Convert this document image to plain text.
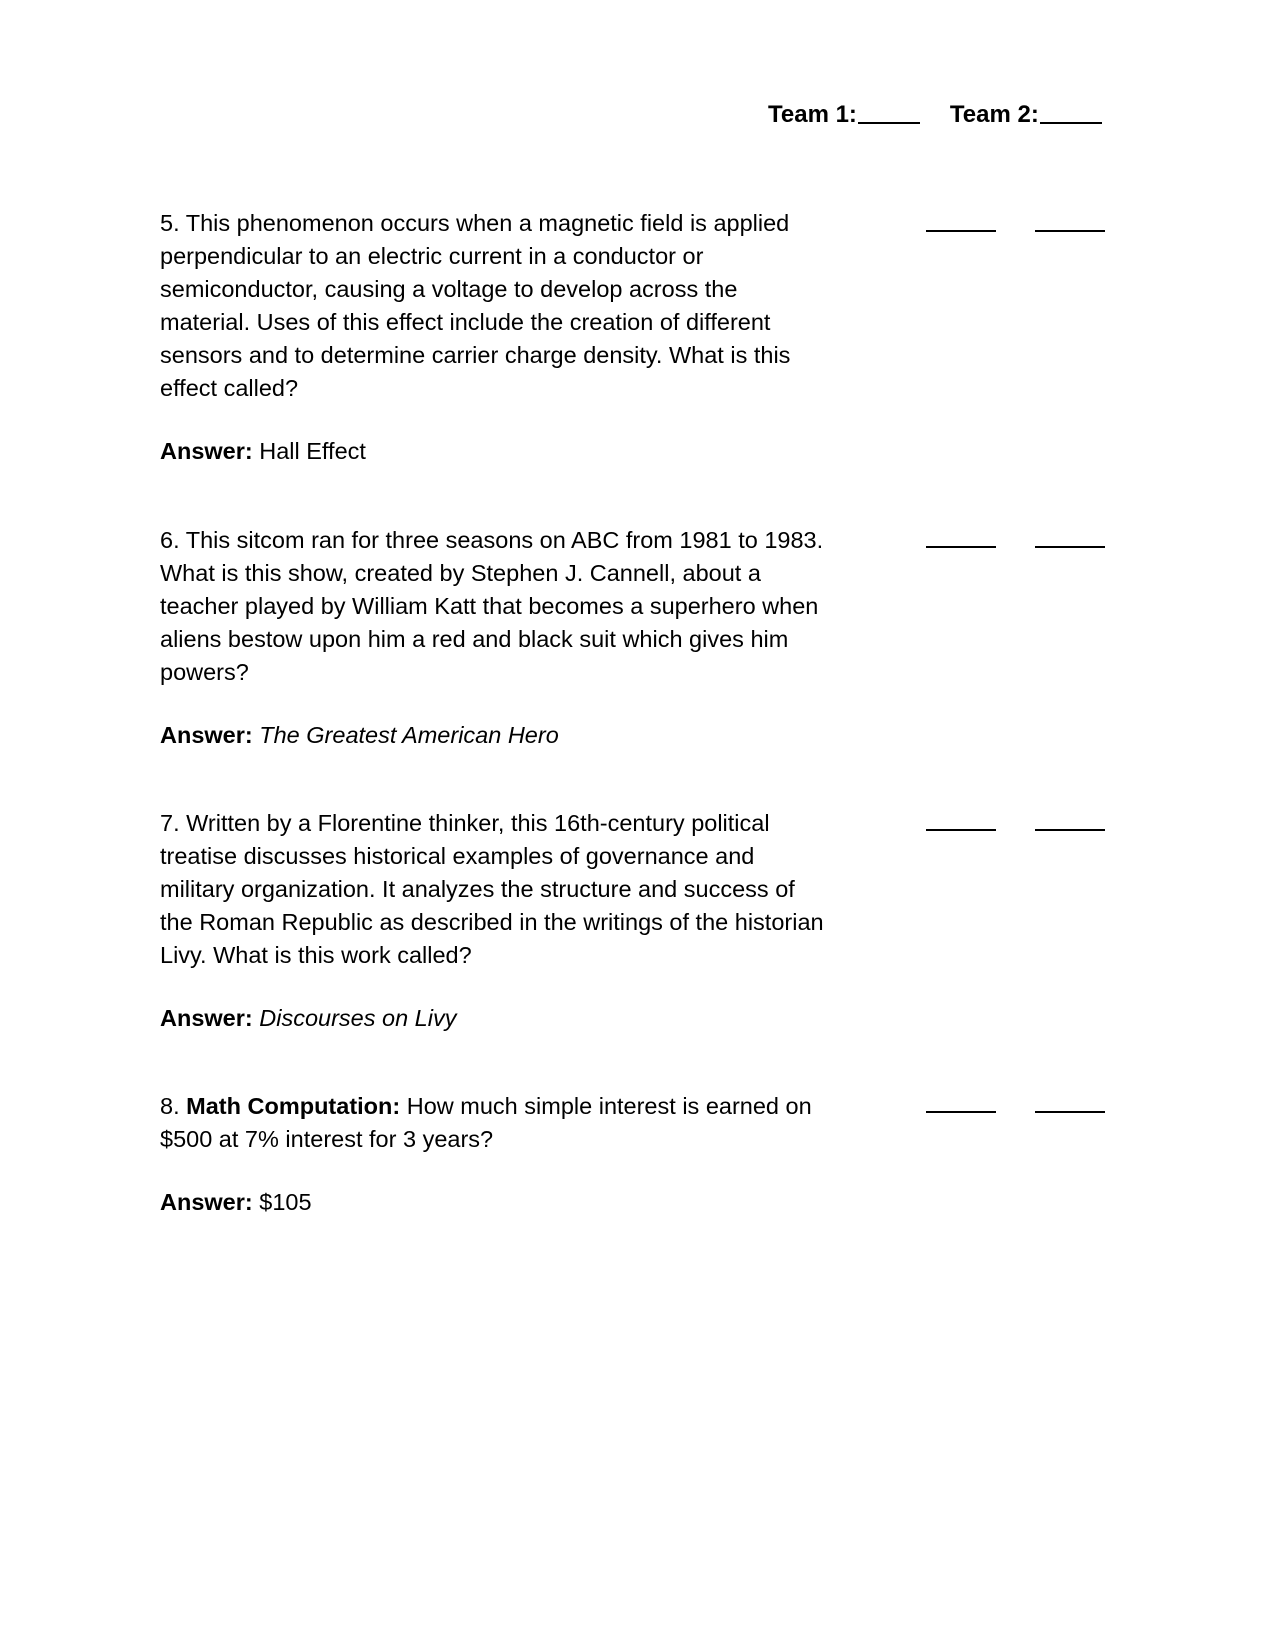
Team 1:	Team 2:

5. This phenomenon occurs when a magnetic field is applied perpendicular to an electric current in a conductor or semiconductor, causing a voltage to develop across the material. Uses of this effect include the creation of different sensors and to determine carrier charge density. What is this effect called?

Answer: Hall Effect

6. This sitcom ran for three seasons on ABC from 1981 to 1983. What is this show, created by Stephen J. Cannell, about a teacher played by William Katt that becomes a superhero when aliens bestow upon him a red and black suit which gives him powers?

Answer: The Greatest American Hero

7. Written by a Florentine thinker, this 16th-century political treatise discusses historical examples of governance and military organization. It analyzes the structure and success of the Roman Republic as described in the writings of the historian Livy. What is this work called?

Answer: Discourses on Livy

8. Math Computation: How much simple interest is earned on $500 at 7% interest for 3 years?

Answer: $105
